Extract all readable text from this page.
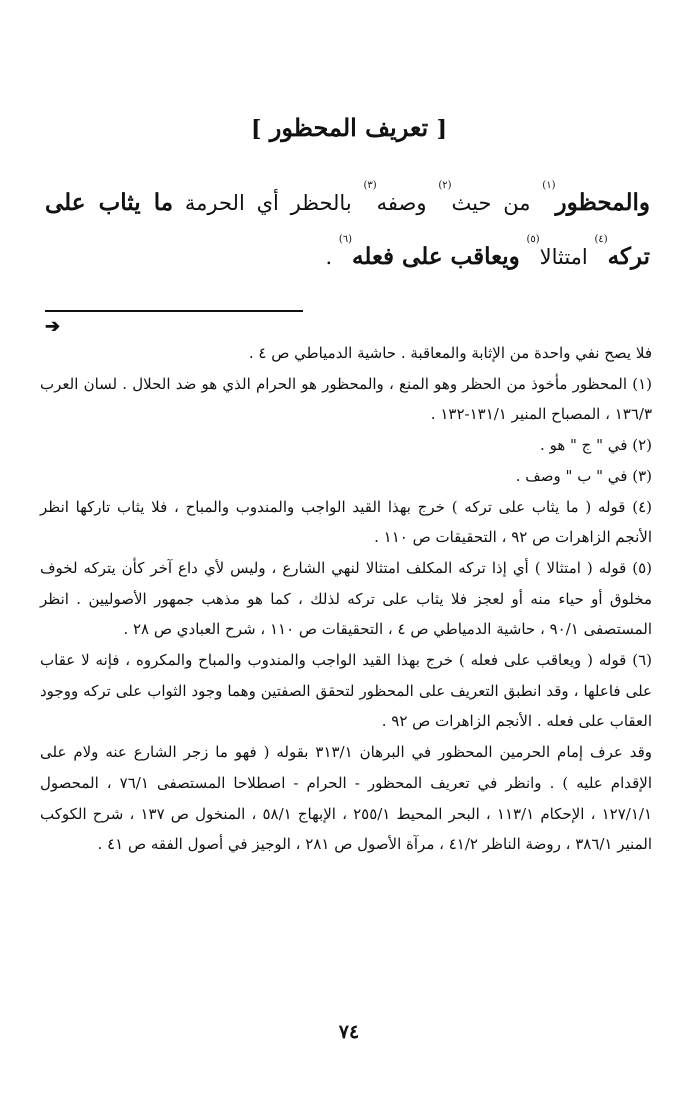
[ تعريف المحظور ]
والمحظور$^{(١)}$ من حيث$^{(٢)}$ وصفه$^{(٣)}$ بالحظر أي الحرمة ما يثاب على تركه$^{(٤)}$ امتثالا$^{(٥)}$ ويعاقب على فعله$^{(٦)}$ .
➔

فلا يصح نفي واحدة من الإثابة والمعاقبة . حاشية الدمياطي ص ٤ .

(١) المحظور مأخوذ من الحظر وهو المنع ، والمحظور هو الحرام الذي هو ضد الحلال . لسان العرب ١٣٦/٣ ، المصباح المنير ١٣١/١-١٣٢ .

(٢) في " ج " هو .

(٣) في " ب " وصف .

(٤) قوله ( ما يثاب على تركه ) خرج بهذا القيد الواجب والمندوب والمباح ، فلا يثاب تاركها انظر الأنجم الزاهرات ص ٩٢ ، التحقيقات ص ١١٠ .

(٥) قوله ( امتثالا ) أي إذا تركه المكلف امتثالا لنهي الشارع ، وليس لأي داع آخر كأن يتركه لخوف مخلوق أو حياء منه أو لعجز فلا يثاب على تركه لذلك ، كما هو مذهب جمهور الأصوليين . انظر المستصفى ٩٠/١ ، حاشية الدمياطي ص ٤ ، التحقيقات ص ١١٠ ، شرح العبادي ص ٢٨ .

(٦) قوله ( ويعاقب على فعله ) خرج بهذا القيد الواجب والمندوب والمباح والمكروه ، فإنه لا عقاب على فاعلها ، وقد انطبق التعريف على المحظور لتحقق الصفتين وهما وجود الثواب على تركه ووجود العقاب على فعله . الأنجم الزاهرات ص ٩٢ .

وقد عرف إمام الحرمين المحظور في البرهان ٣١٣/١ بقوله ( فهو ما زجر الشارع عنه ولام على الإقدام عليه ) . وانظر في تعريف المحظور - الحرام - اصطلاحا المستصفى ٧٦/١ ، المحصول ١٢٧/١/١ ، الإحكام ١١٣/١ ، البحر المحيط ٢٥٥/١ ، الإبهاج ٥٨/١ ، المنخول ص ١٣٧ ، شرح الكوكب المنير ٣٨٦/١ ، روضة الناظر ٤١/٢ ، مرآة الأصول ص ٢٨١ ، الوجيز في أصول الفقه ص ٤١ .

٧٤
